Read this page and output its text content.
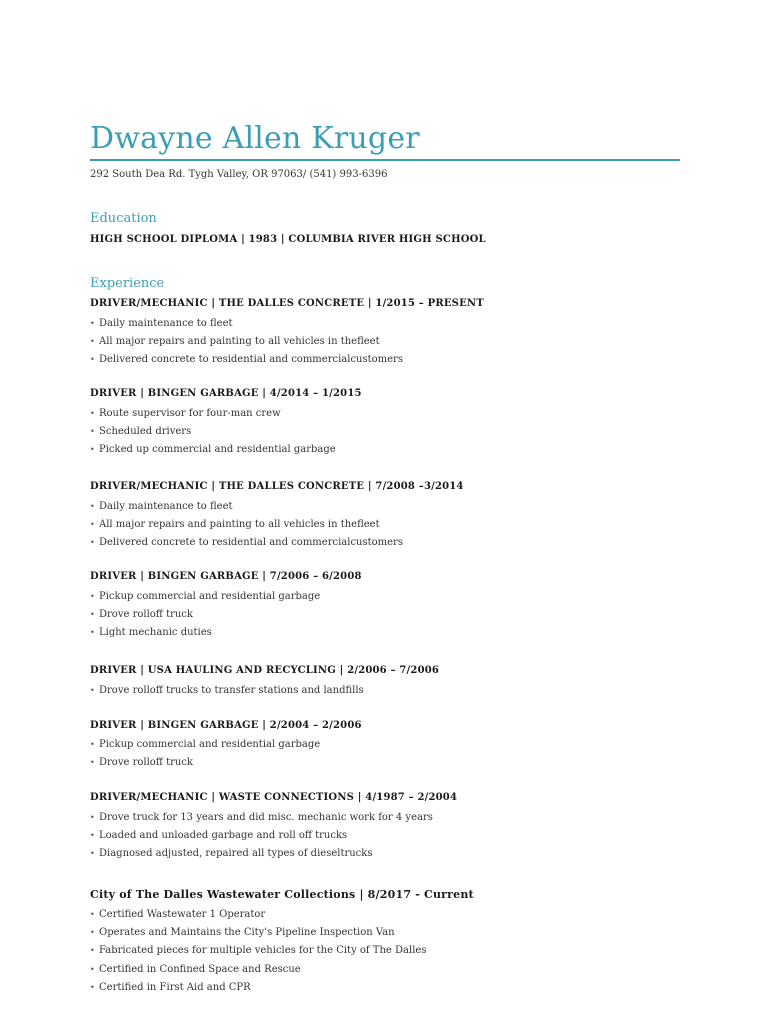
Dwayne Allen Kruger
292 South Dea Rd. Tygh Valley, OR 97063/ (541) 993-6396
Education
HIGH SCHOOL DIPLOMA | 1983 | COLUMBIA RIVER HIGH SCHOOL
Experience
DRIVER/MECHANIC | THE DALLES CONCRETE | 1/2015 – PRESENT
• Daily maintenance to fleet
• All major repairs and painting to all vehicles in thefleet
• Delivered concrete to residential and commercialcustomers
DRIVER | BINGEN GARBAGE | 4/2014 – 1/2015
• Route supervisor for four-man crew
• Scheduled drivers
• Picked up commercial and residential garbage
DRIVER/MECHANIC | THE DALLES CONCRETE | 7/2008 –3/2014
• Daily maintenance to fleet
• All major repairs and painting to all vehicles in thefleet
• Delivered concrete to residential and commercialcustomers
DRIVER | BINGEN GARBAGE | 7/2006 – 6/2008
• Pickup commercial and residential garbage
• Drove rolloff truck
• Light mechanic duties
DRIVER | USA HAULING AND RECYCLING | 2/2006 – 7/2006
• Drove rolloff trucks to transfer stations and landfills
DRIVER | BINGEN GARBAGE | 2/2004 – 2/2006
• Pickup commercial and residential garbage
• Drove rolloff truck
DRIVER/MECHANIC | WASTE CONNECTIONS | 4/1987 – 2/2004
• Drove truck for 13 years and did misc. mechanic work for 4 years
• Loaded and unloaded garbage and roll off trucks
• Diagnosed adjusted, repaired all types of dieseltrucks
City of The Dalles Wastewater Collections | 8/2017 - Current
• Certified Wastewater 1 Operator
• Operates and Maintains the City's Pipeline Inspection Van
• Fabricated pieces for multiple vehicles for the City of The Dalles
• Certified in Confined Space and Rescue
• Certified in First Aid and CPR
